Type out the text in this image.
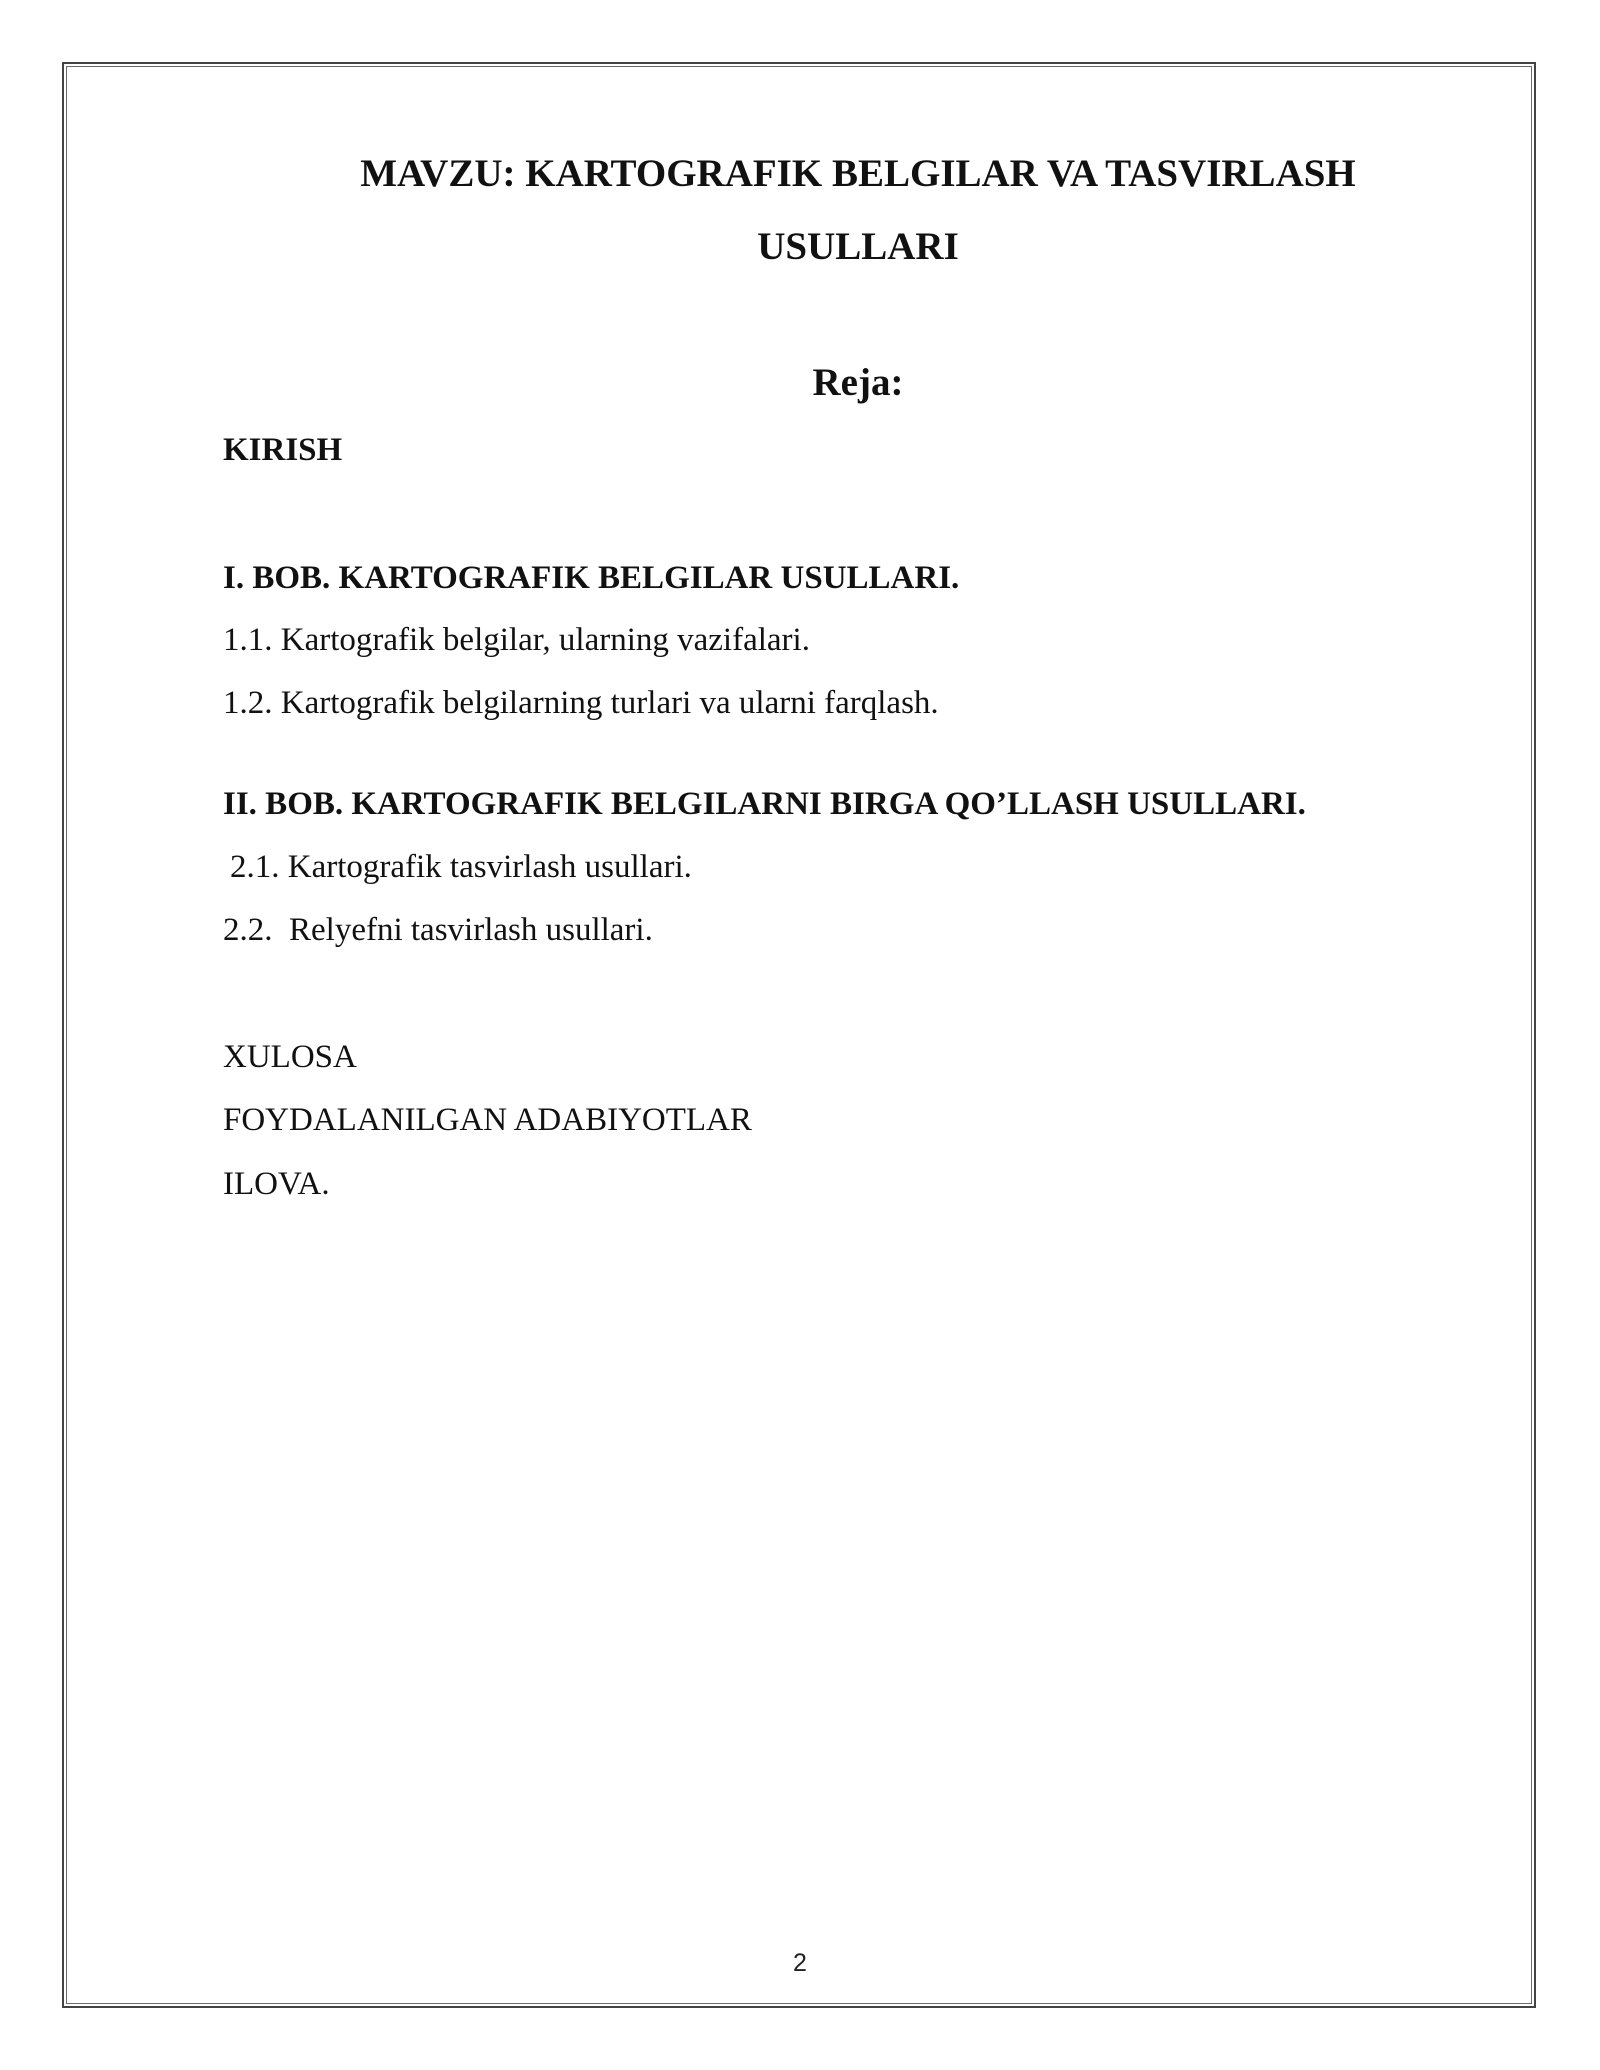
MAVZU: KARTOGRAFIK BELGILAR VA TASVIRLASH
USULLARI
Reja:
KIRISH
I. BOB. KARTOGRAFIK BELGILAR USULLARI.
1.1. Kartografik belgilar, ularning vazifalari.
1.2. Kartografik belgilarning turlari va ularni farqlash.
II. BOB. KARTOGRAFIK BELGILARNI BIRGA QO’LLASH USULLARI.
2.1. Kartografik tasvirlash usullari.
2.2.  Relyefni tasvirlash usullari.
XULOSA
FOYDALANILGAN ADABIYOTLAR
ILOVA.
2
